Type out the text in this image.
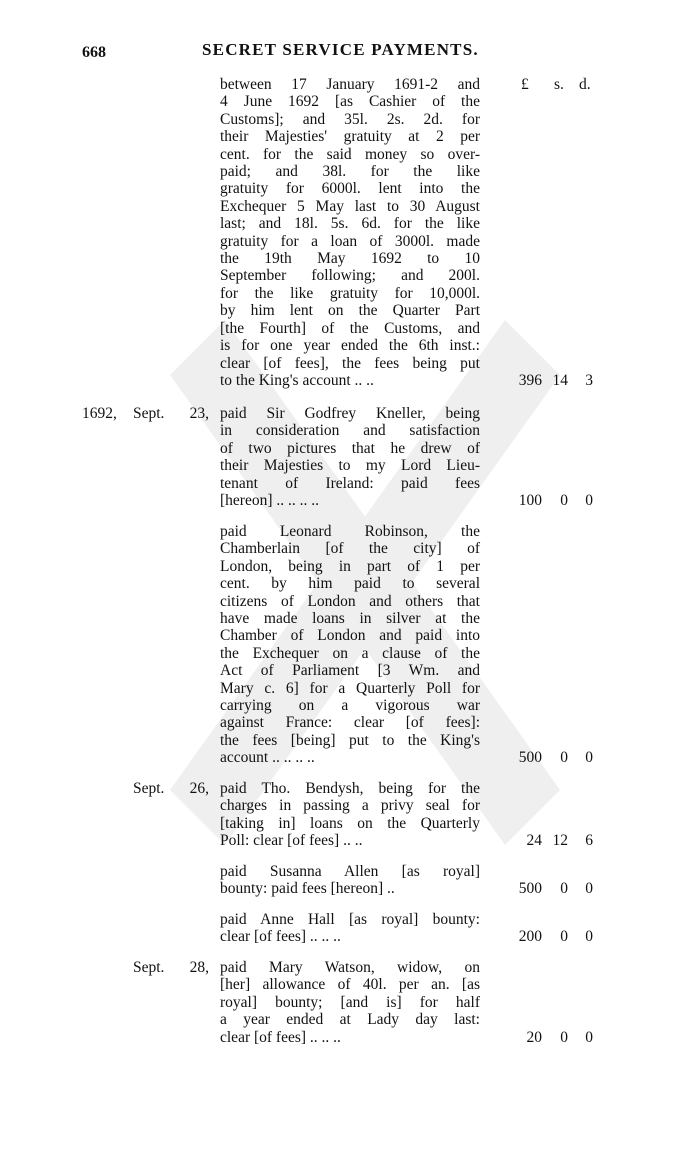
668	SECRET SERVICE PAYMENTS.
£ s. d.
between 17 January 1691-2 and
4 June 1692 [as Cashier of the
Customs]; and 35l. 2s. 2d. for
their Majesties' gratuity at 2 per
cent. for the said money so over-
paid; and 38l. for the like
gratuity for 6000l. lent into the
Exchequer 5 May last to 30 August
last; and 18l. 5s. 6d. for the like
gratuity for a loan of 3000l. made
the 19th May 1692 to 10
September following; and 200l.
for the like gratuity for 10,000l.
by him lent on the Quarter Part
[the Fourth] of the Customs, and
is for one year ended the 6th inst.:
clear [of fees], the fees being put
to the King's account .. ..	396 14	3
1692, Sept. 23, paid Sir Godfrey Kneller, being
in consideration and satisfaction
of two pictures that he drew of
their Majesties to my Lord Lieu-
tenant of Ireland: paid fees
[hereon] .. .. .. ..	100	0	0
paid Leonard Robinson, the
Chamberlain [of the city] of
London, being in part of 1 per
cent. by him paid to several
citizens of London and others that
have made loans in silver at the
Chamber of London and paid into
the Exchequer on a clause of the
Act of Parliament [3 Wm. and
Mary c. 6] for a Quarterly Poll for
carrying on a vigorous war
against France: clear [of fees]:
the fees [being] put to the King's
account .. .. .. ..	500	0	0
Sept. 26, paid Tho. Bendysh, being for the
charges in passing a privy seal for
[taking in] loans on the Quarterly
Poll: clear [of fees] .. ..	24 12	6
paid Susanna Allen [as royal]
bounty: paid fees [hereon] ..	500	0	0
paid Anne Hall [as royal] bounty:
clear [of fees] .. .. ..	200	0	0
Sept. 28, paid Mary Watson, widow, on
[her] allowance of 40l. per an. [as
royal] bounty; [and is] for half
a year ended at Lady day last:
clear [of fees] .. .. ..	20	0	0
